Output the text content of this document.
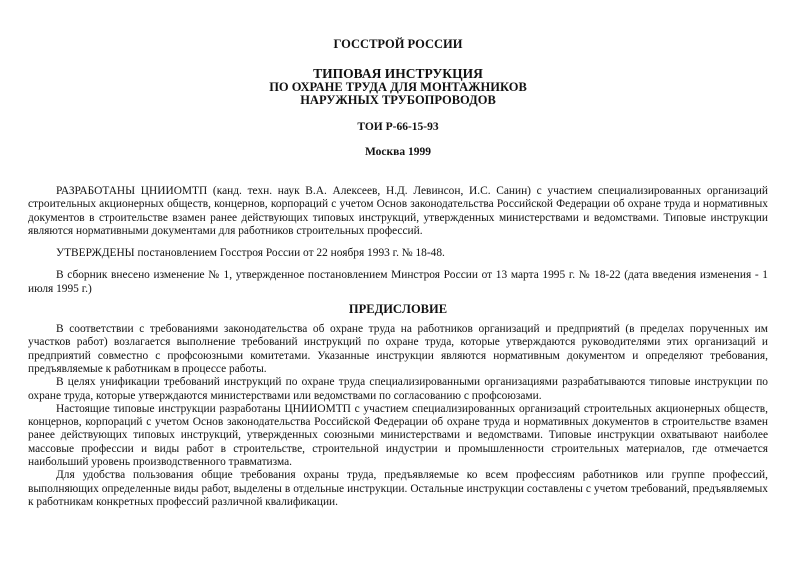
ГОССТРОЙ РОССИИ
ТИПОВАЯ ИНСТРУКЦИЯ
ПО ОХРАНЕ ТРУДА ДЛЯ МОНТАЖНИКОВ
НАРУЖНЫХ ТРУБОПРОВОДОВ
ТОИ Р-66-15-93
Москва 1999

РАЗРАБОТАНЫ ЦНИИОМТП (канд. техн. наук В.А. Алексеев, Н.Д. Левинсон, И.С. Санин) с участием специализированных организаций строительных акционерных обществ, концернов, корпораций с учетом Основ законодательства Российской Федерации об охране труда и нормативных документов в строительстве взамен ранее действующих типовых инструкций, утвержденных министерствами и ведомствами. Типовые инструкции являются нормативными документами для работников строительных профессий.

УТВЕРЖДЕНЫ постановлением Госстроя России от 22 ноября 1993 г. № 18-48.

В сборник внесено изменение № 1, утвержденное постановлением Минстроя России от 13 марта 1995 г. № 18-22 (дата введения изменения - 1 июля 1995 г.)

ПРЕДИСЛОВИЕ

В соответствии с требованиями законодательства об охране труда на работников организаций и предприятий (в пределах порученных им участков работ) возлагается выполнение требований инструкций по охране труда, которые утверждаются руководителями этих организаций и предприятий совместно с профсоюзными комитетами. Указанные инструкции являются нормативным документом и определяют требования, предъявляемые к работникам в процессе работы.

В целях унификации требований инструкций по охране труда специализированными организациями разрабатываются типовые инструкции по охране труда, которые утверждаются министерствами или ведомствами по согласованию с профсоюзами.

Настоящие типовые инструкции разработаны ЦНИИОМТП с участием специализированных организаций строительных акционерных обществ, концернов, корпораций с учетом Основ законодательства Российской Федерации об охране труда и нормативных документов в строительстве взамен ранее действующих типовых инструкций, утвержденных союзными министерствами и ведомствами. Типовые инструкции охватывают наиболее массовые профессии и виды работ в строительстве, строительной индустрии и промышленности строительных материалов, где отмечается наибольший уровень производственного травматизма.

Для удобства пользования общие требования охраны труда, предъявляемые ко всем профессиям работников или группе профессий, выполняющих определенные виды работ, выделены в отдельные инструкции. Остальные инструкции составлены с учетом требований, предъявляемых к работникам конкретных профессий различной квалификации.
